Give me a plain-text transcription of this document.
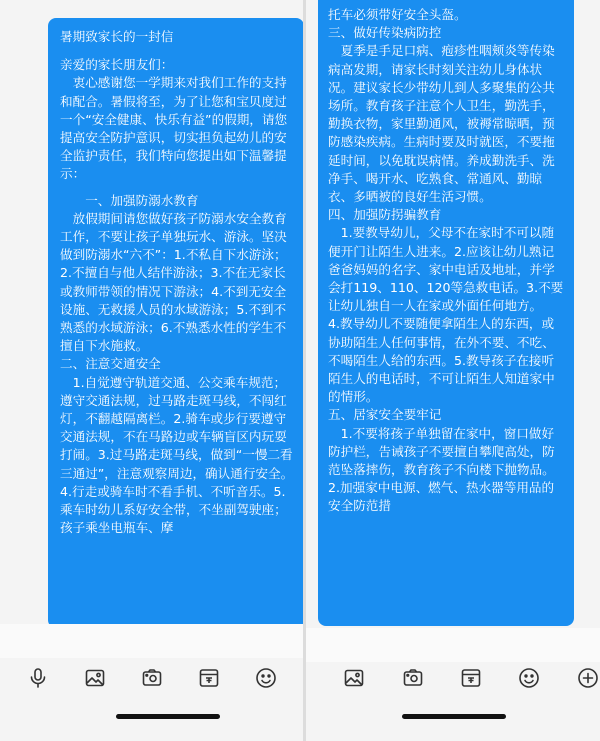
暑期致家长的一封信

亲爱的家长朋友们：

　衷心感谢您一学期来对我们工作的支持和配合。暑假将至，为了让您和宝贝度过一个“安全健康、快乐有益”的假期，请您提高安全防护意识，切实担负起幼儿的安全监护责任，我们特向您提出如下温馨提示：

　　一、加强防溺水教育

　放假期间请您做好孩子防溺水安全教育工作，不要让孩子单独玩水、游泳。坚决做到防溺水“六不”：1.不私自下水游泳；2.不擅自与他人结伴游泳；3.不在无家长或教师带领的情况下游泳；4.不到无安全设施、无救援人员的水域游泳；5.不到不熟悉的水域游泳；6.不熟悉水性的学生不擅自下水施救。

二、注意交通安全

　1.自觉遵守轨道交通、公交乘车规范；遵守交通法规，过马路走斑马线，不闯红灯，不翻越隔离栏。2.骑车或步行要遵守交通法规，不在马路边或车辆盲区内玩耍打闹。3.过马路走斑马线，做到“一慢二看三通过”，注意观察周边，确认通行安全。4.行走或骑车时不看手机、不听音乐。5.乘车时幼儿系好安全带，不坐副驾驶座；孩子乘坐电瓶车、摩

托车必须带好安全头盔。

三、做好传染病防控

　夏季是手足口病、疱疹性咽颊炎等传染病高发期，请家长时刻关注幼儿身体状况。建议家长少带幼儿到人多聚集的公共场所。教育孩子注意个人卫生，勤洗手，勤换衣物，家里勤通风，被褥常晾晒，预防感染疾病。生病时要及时就医，不要拖延时间，以免耽误病情。养成勤洗手、洗净手、喝开水、吃熟食、常通风、勤晾衣、多晒被的良好生活习惯。

四、加强防拐骗教育

　1.要教导幼儿，父母不在家时不可以随便开门让陌生人进来。2.应该让幼儿熟记爸爸妈妈的名字、家中电话及地址，并学会打119、110、120等急救电话。3.不要让幼儿独自一人在家或外面任何地方。

4.教导幼儿不要随便拿陌生人的东西，或协助陌生人任何事情，在外不要、不吃、不喝陌生人给的东西。5.教导孩子在接听陌生人的电话时，不可让陌生人知道家中的情形。

五、居家安全要牢记

　1.不要将孩子单独留在家中，窗口做好防护栏，告诫孩子不要擅自攀爬高处，防范坠落摔伤，教育孩子不向楼下抛物品。2.加强家中电源、燃气、热水器等用品的安全防范措
